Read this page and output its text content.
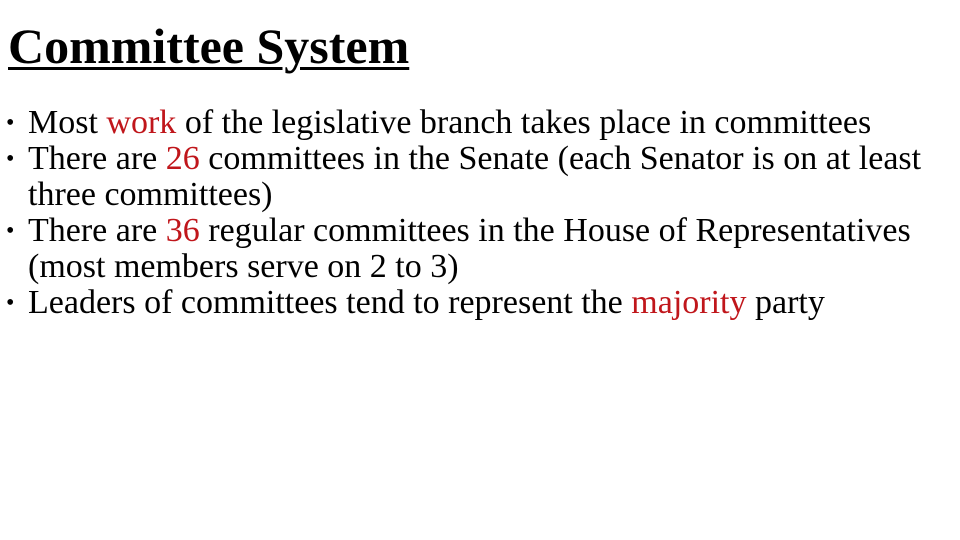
Committee System
• Most work of the legislative branch takes place in committees
• There are 26 committees in the Senate (each Senator is on at least three committees)
• There are 36 regular committees in the House of Representatives (most members serve on 2 to 3)
• Leaders of committees tend to represent the majority party
